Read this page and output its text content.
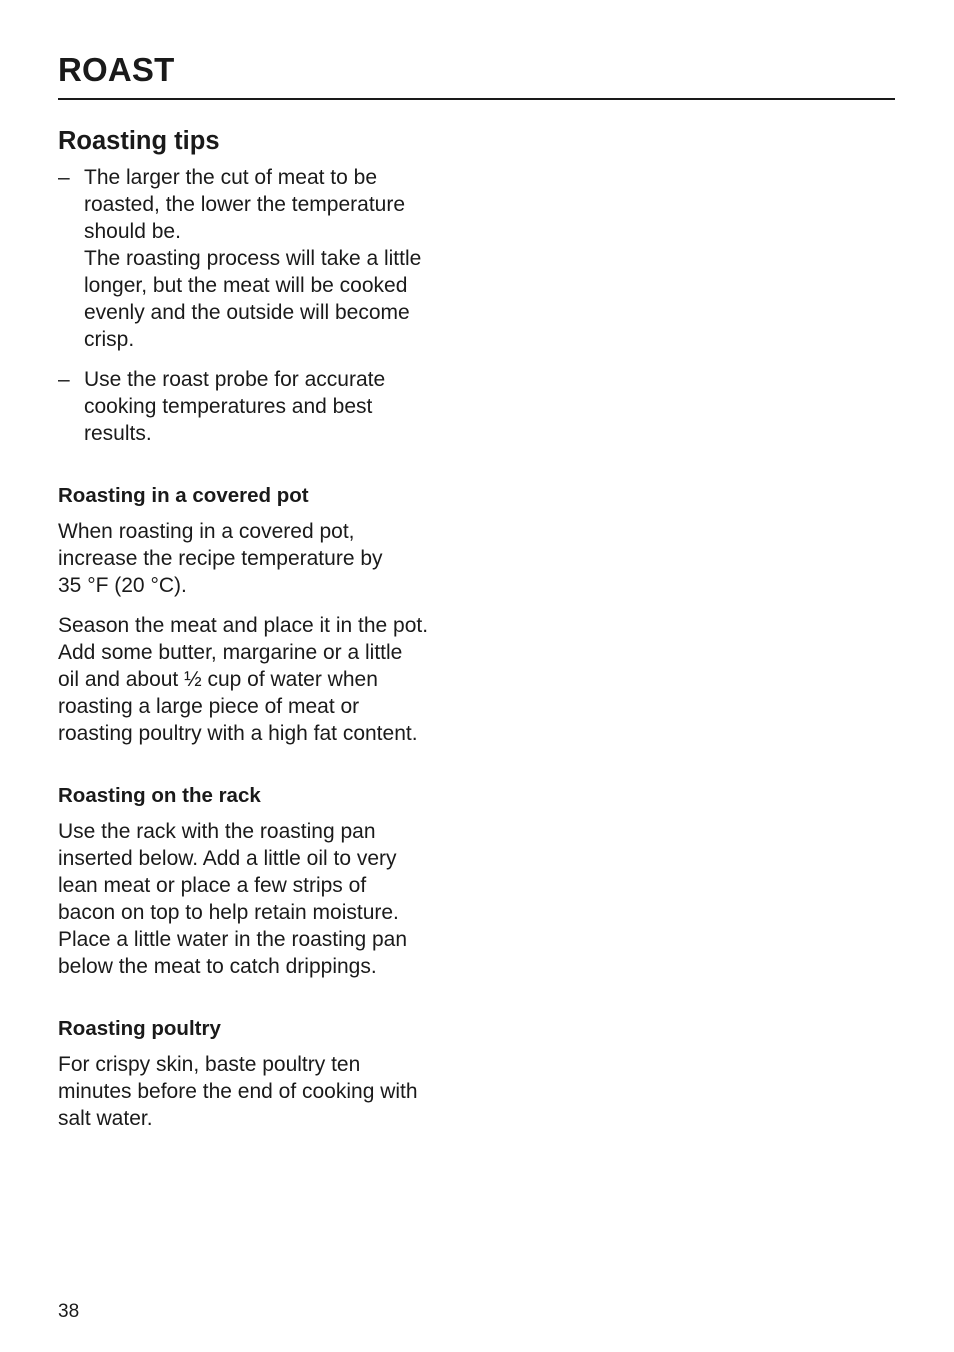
ROAST
Roasting tips
– The larger the cut of meat to be
roasted, the lower the temperature
should be.
The roasting process will take a little
longer, but the meat will be cooked
evenly and the outside will become
crisp.

– Use the roast probe for accurate
cooking temperatures and best
results.

Roasting in a covered pot

When roasting in a covered pot,
increase the recipe temperature by
35 °F (20 °C).

Season the meat and place it in the pot.
Add some butter, margarine or a little
oil and about ½ cup of water when
roasting a large piece of meat or
roasting poultry with a high fat content.

Roasting on the rack

Use the rack with the roasting pan
inserted below. Add a little oil to very
lean meat or place a few strips of
bacon on top to help retain moisture.
Place a little water in the roasting pan
below the meat to catch drippings.

Roasting poultry

For crispy skin, baste poultry ten
minutes before the end of cooking with
salt water.

38
